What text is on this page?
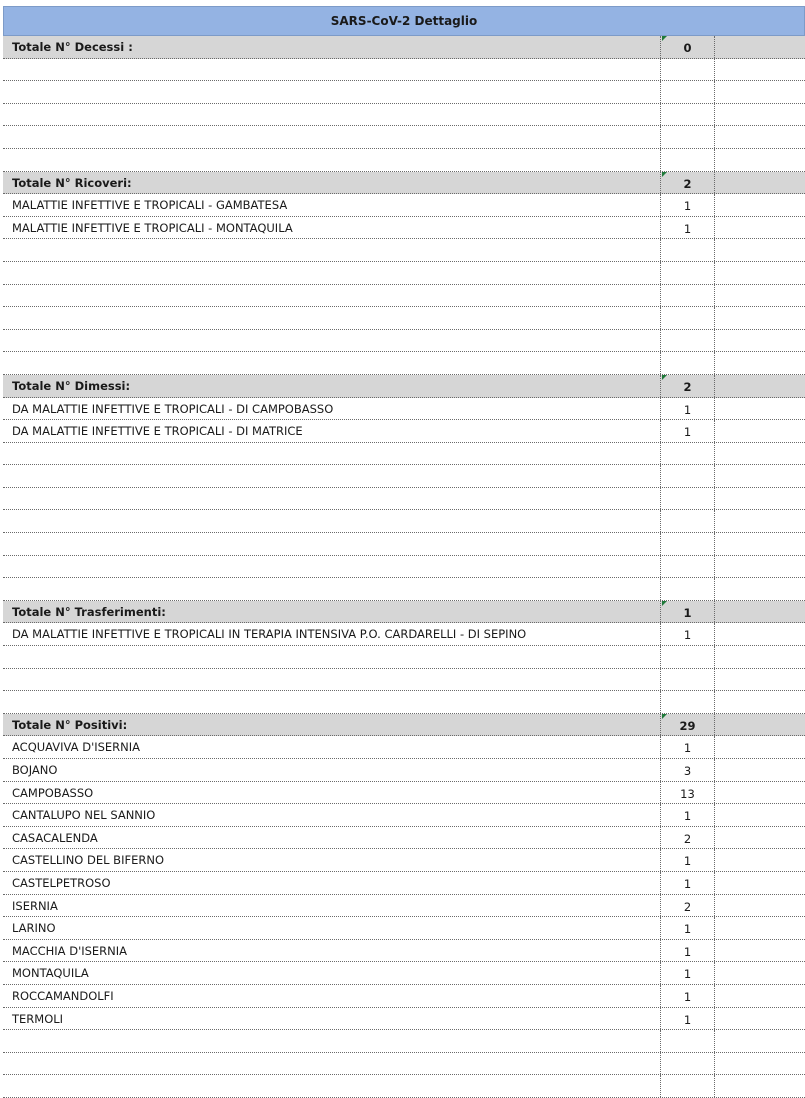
SARS-CoV-2 Dettaglio
Totale N° Decessi :	0
Totale N° Ricoveri:	2
MALATTIE INFETTIVE E TROPICALI - GAMBATESA	1
MALATTIE INFETTIVE E TROPICALI - MONTAQUILA	1
Totale N° Dimessi:	2
DA MALATTIE INFETTIVE E TROPICALI - DI CAMPOBASSO	1
DA MALATTIE INFETTIVE E TROPICALI - DI MATRICE	1
Totale N° Trasferimenti:	1
DA MALATTIE INFETTIVE E TROPICALI IN TERAPIA INTENSIVA P.O. CARDARELLI - DI SEPINO	1
Totale N° Positivi:	29
ACQUAVIVA D'ISERNIA	1
BOJANO	3
CAMPOBASSO	13
CANTALUPO NEL SANNIO	1
CASACALENDA	2
CASTELLINO DEL BIFERNO	1
CASTELPETROSO	1
ISERNIA	2
LARINO	1
MACCHIA D'ISERNIA	1
MONTAQUILA	1
ROCCAMANDOLFI	1
TERMOLI	1
